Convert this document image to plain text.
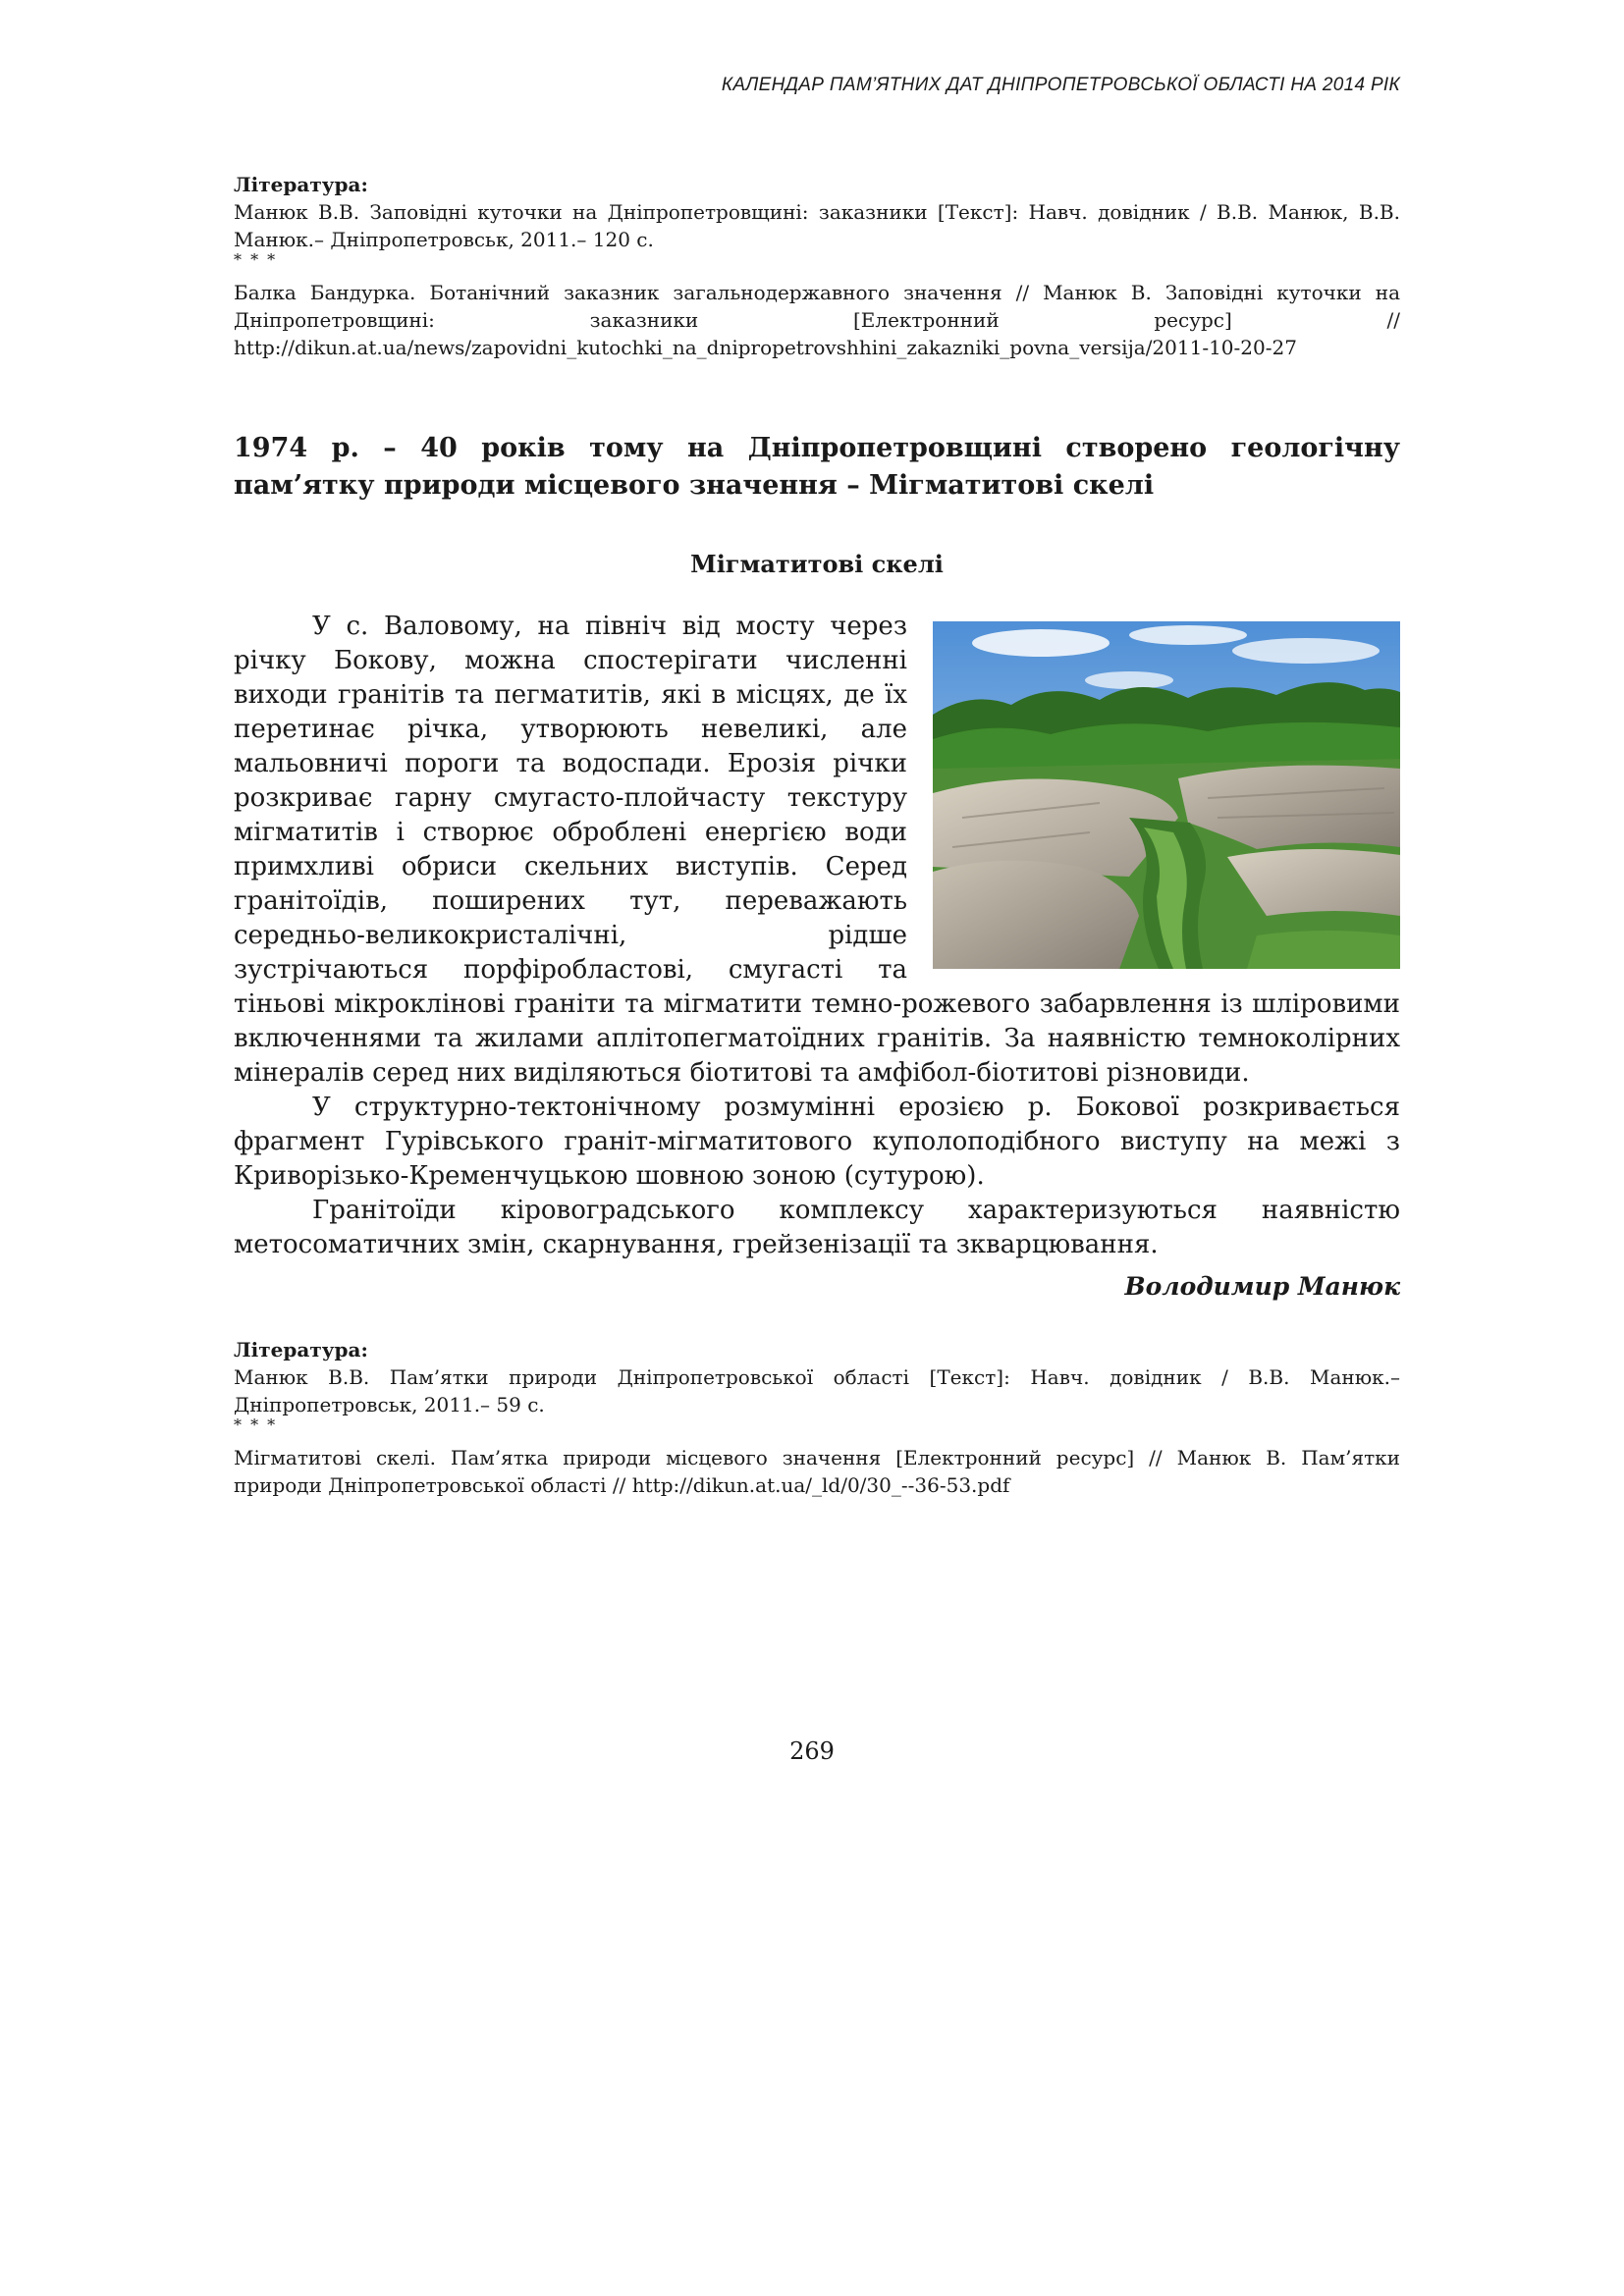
КАЛЕНДАР ПАМ’ЯТНИХ ДАТ ДНІПРОПЕТРОВСЬКОЇ ОБЛАСТІ НА 2014 РІК

Література:

Манюк В.В. Заповідні куточки на Дніпропетровщині: заказники [Текст]: Навч. довідник / В.В. Манюк, В.В. Манюк.– Дніпропетровськ, 2011.– 120 с.

* * *

Балка Бандурка. Ботанічний заказник загальнодержавного значення // Манюк В. Заповідні куточки на Дніпропетровщині: заказники [Електронний ресурс] // http://dikun.at.ua/news/zapovidni_kutochki_na_dnipropetrovshhini_zakazniki_povna_versija/2011-10-20-27

1974 р. – 40 років тому на Дніпропетровщині створено геологічну пам’ятку природи місцевого значення – Мігматитові скелі
Мігматитові скелі

У с. Валовому, на північ від мосту через річку Бокову, можна спостерігати численні виходи гранітів та пегматитів, які в місцях, де їх перетинає річка, утворюють невеликі, але мальовничі пороги та водоспади. Ерозія річки розкриває гарну смугасто-плойчасту текстуру мігматитів і створює оброблені енергією води примхливі обриси скельних виступів. Серед гранітоїдів, поширених тут, переважають середньо-великокристалічні, рідше зустрічаються порфіробластові, смугасті та тіньові мікроклінові граніти та мігматити темно-рожевого забарвлення із шліровими включеннями та жилами аплітопегматоїдних гранітів. За наявністю темноколірних мінералів серед них виділяються біотитові та амфібол-біотитові різновиди.

У структурно-тектонічному розмумінні ерозією р. Бокової розкривається фрагмент Гурівського граніт-мігматитового куполоподібного виступу на межі з Криворізько-Кременчуцькою шовною зоною (сутурою).

Гранітоїди кіровоградського комплексу характеризуються наявністю метосоматичних змін, скарнування, грейзенізації та зкварцювання.

Володимир Манюк

Література:

Манюк В.В. Пам’ятки природи Дніпропетровської області [Текст]: Навч. довідник / В.В. Манюк.– Дніпропетровськ, 2011.– 59 с.

* * *

Мігматитові скелі. Пам’ятка природи місцевого значення [Електронний ресурс] // Манюк В. Пам’ятки природи Дніпропетровської області // http://dikun.at.ua/_ld/0/30_--36-53.pdf

269
